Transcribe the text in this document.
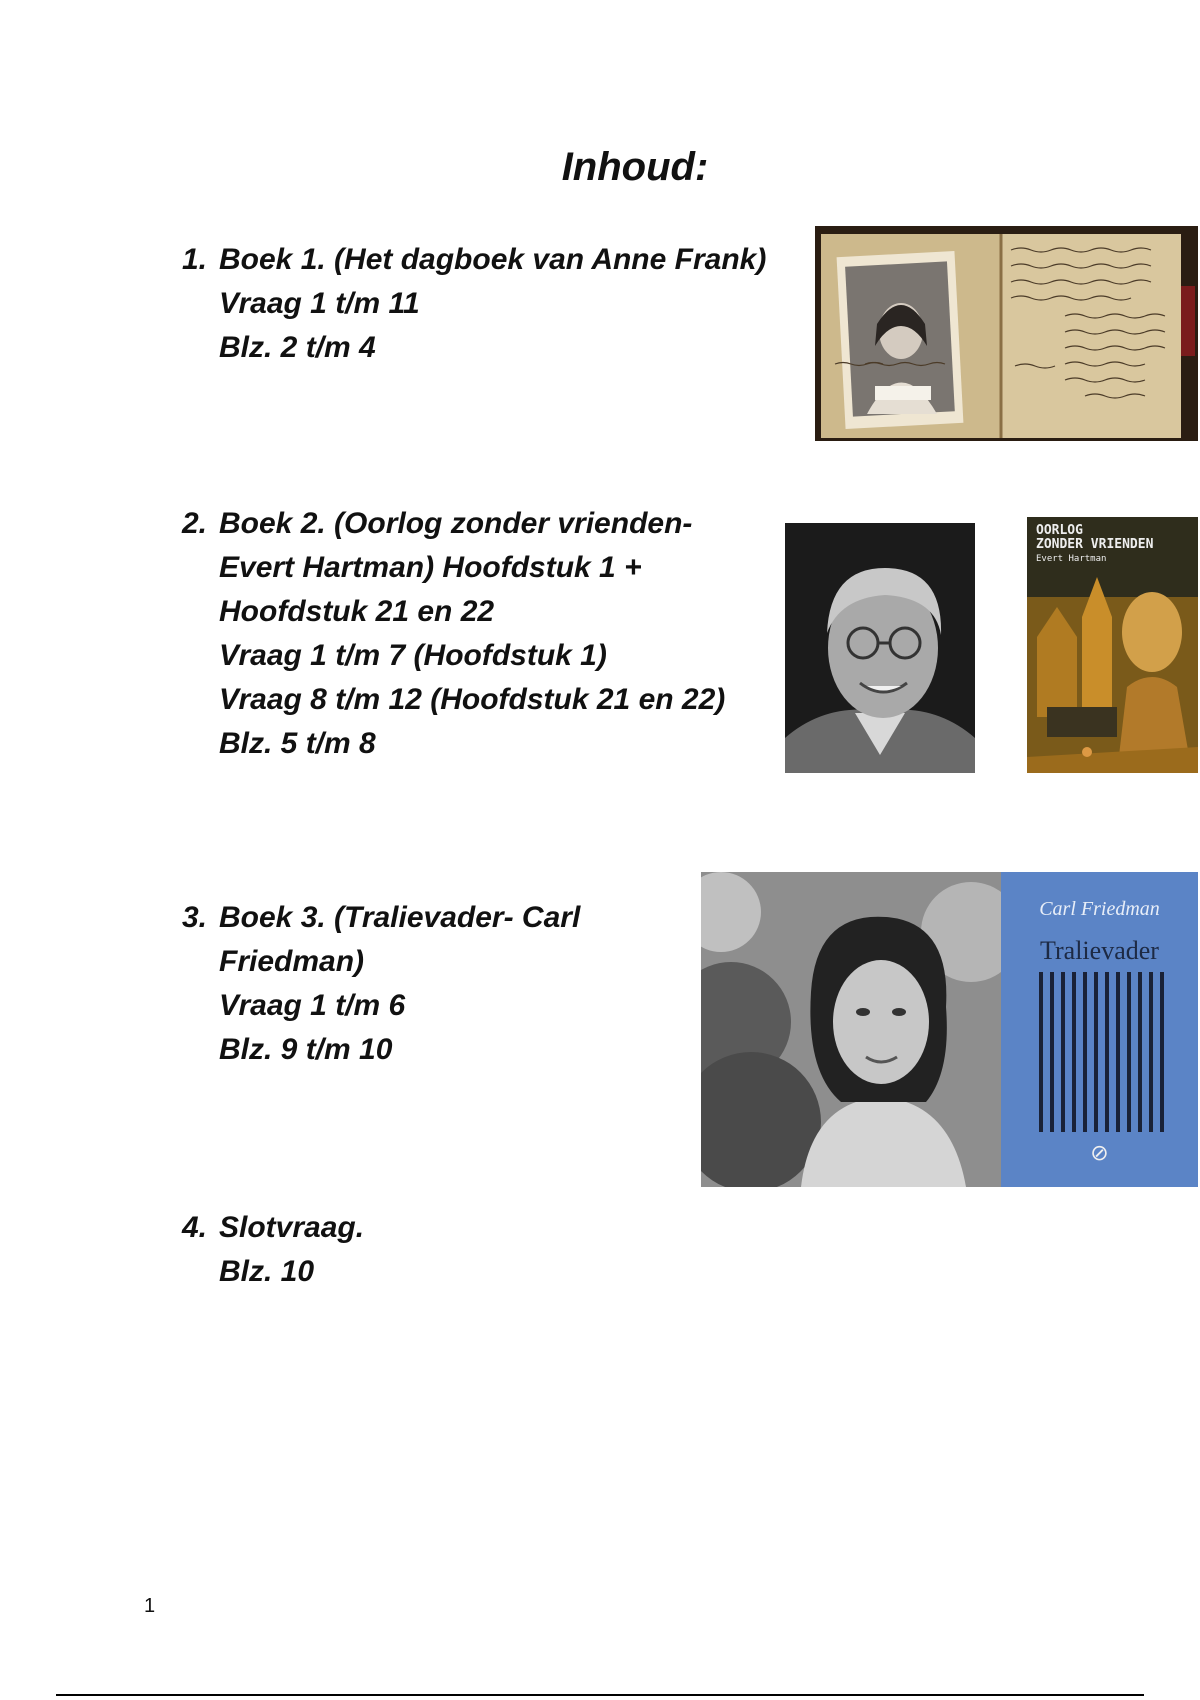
Inhoud:
1. Boek 1. (Het dagboek van Anne Frank)
Vraag 1 t/m 11
Blz. 2 t/m 4
2. Boek 2. (Oorlog zonder vrienden-
Evert Hartman) Hoofdstuk 1 +
Hoofdstuk 21 en 22
Vraag 1 t/m 7 (Hoofdstuk 1)
Vraag 8 t/m 12 (Hoofdstuk 21 en 22)
Blz. 5 t/m 8
OORLOG
ZONDER VRIENDEN
Evert Hartman
3. Boek 3. (Tralievader- Carl
Friedman)
Vraag 1 t/m 6
Blz. 9 t/m 10
Carl Friedman
Tralievader
⊘
4. Slotvraag.
Blz. 10
1
